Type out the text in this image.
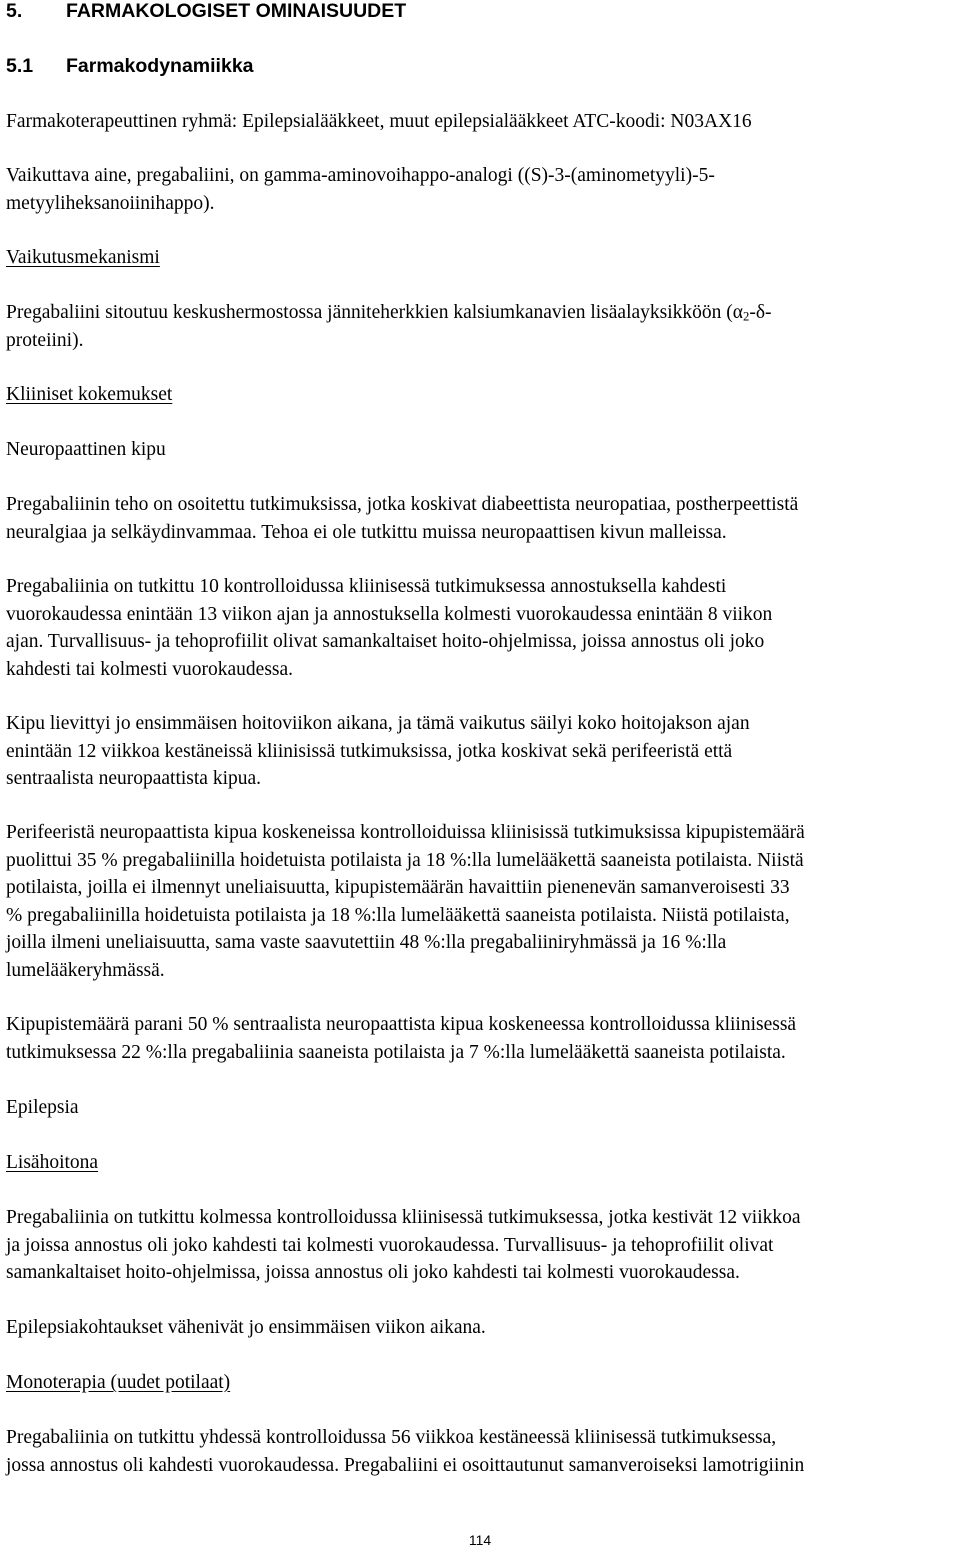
5. FARMAKOLOGISET OMINAISUUDET
5.1 Farmakodynamiikka
Farmakoterapeuttinen ryhmä: Epilepsialääkkeet, muut epilepsialääkkeet ATC-koodi: N03AX16
Vaikuttava aine, pregabaliini, on gamma-aminovoihappo-analogi ((S)-3-(aminometyyli)-5-
metyyliheksanoiinihappo).
Vaikutusmekanismi
Pregabaliini sitoutuu keskushermostossa jänniteherkkien kalsiumkanavien lisäalayksikköön ($\alpha_2-\delta-$
proteiini).
Kliiniset kokemukset
Neuropaattinen kipu
Pregabaliinin teho on osoitettu tutkimuksissa, jotka koskivat diabeettista neuropatiaa, postherpeettistä
neuralgiaa ja selkäydinvammaa. Tehoa ei ole tutkittu muissa neuropaattisen kivun malleissa.
Pregabaliinia on tutkittu 10 kontrolloidussa kliinisessä tutkimuksessa annostuksella kahdesti
vuorokaudessa enintään 13 viikon ajan ja annostuksella kolmesti vuorokaudessa enintään 8 viikon
ajan. Turvallisuus- ja tehoprofiilit olivat samankaltaiset hoito-ohjelmissa, joissa annostus oli joko
kahdesti tai kolmesti vuorokaudessa.
Kipu lievittyi jo ensimmäisen hoitoviikon aikana, ja tämä vaikutus säilyi koko hoitojakson ajan
enintään 12 viikkoa kestäneissä kliinisissä tutkimuksissa, jotka koskivat sekä perifeeristä että
sentraalista neuropaattista kipua.
Perifeeristä neuropaattista kipua koskeneissa kontrolloiduissa kliinisissä tutkimuksissa kipupistemäärä
puolittui 35 % pregabaliinilla hoidetuista potilaista ja 18 %:lla lumelääkettä saaneista potilaista. Niistä
potilaista, joilla ei ilmennyt uneliaisuutta, kipupistemäärän havaittiin pienenevän samanveroisesti 33
% pregabaliinilla hoidetuista potilaista ja 18 %:lla lumelääkettä saaneista potilaista. Niistä potilaista,
joilla ilmeni uneliaisuutta, sama vaste saavutettiin 48 %:lla pregabaliiniryhmässä ja 16 %:lla
lumelääkeryhmässä.
Kipupistemäärä parani 50 % sentraalista neuropaattista kipua koskeneessa kontrolloidussa kliinisessä
tutkimuksessa 22 %:lla pregabaliinia saaneista potilaista ja 7 %:lla lumelääkettä saaneista potilaista.
Epilepsia
Lisähoitona
Pregabaliinia on tutkittu kolmessa kontrolloidussa kliinisessä tutkimuksessa, jotka kestivät 12 viikkoa
ja joissa annostus oli joko kahdesti tai kolmesti vuorokaudessa. Turvallisuus- ja tehoprofiilit olivat
samankaltaiset hoito-ohjelmissa, joissa annostus oli joko kahdesti tai kolmesti vuorokaudessa.
Epilepsiakohtaukset vähenivät jo ensimmäisen viikon aikana.
Monoterapia (uudet potilaat)
Pregabaliinia on tutkittu yhdessä kontrolloidussa 56 viikkoa kestäneessä kliinisessä tutkimuksessa,
jossa annostus oli kahdesti vuorokaudessa. Pregabaliini ei osoittautunut samanveroiseksi lamotrigiinin
114
